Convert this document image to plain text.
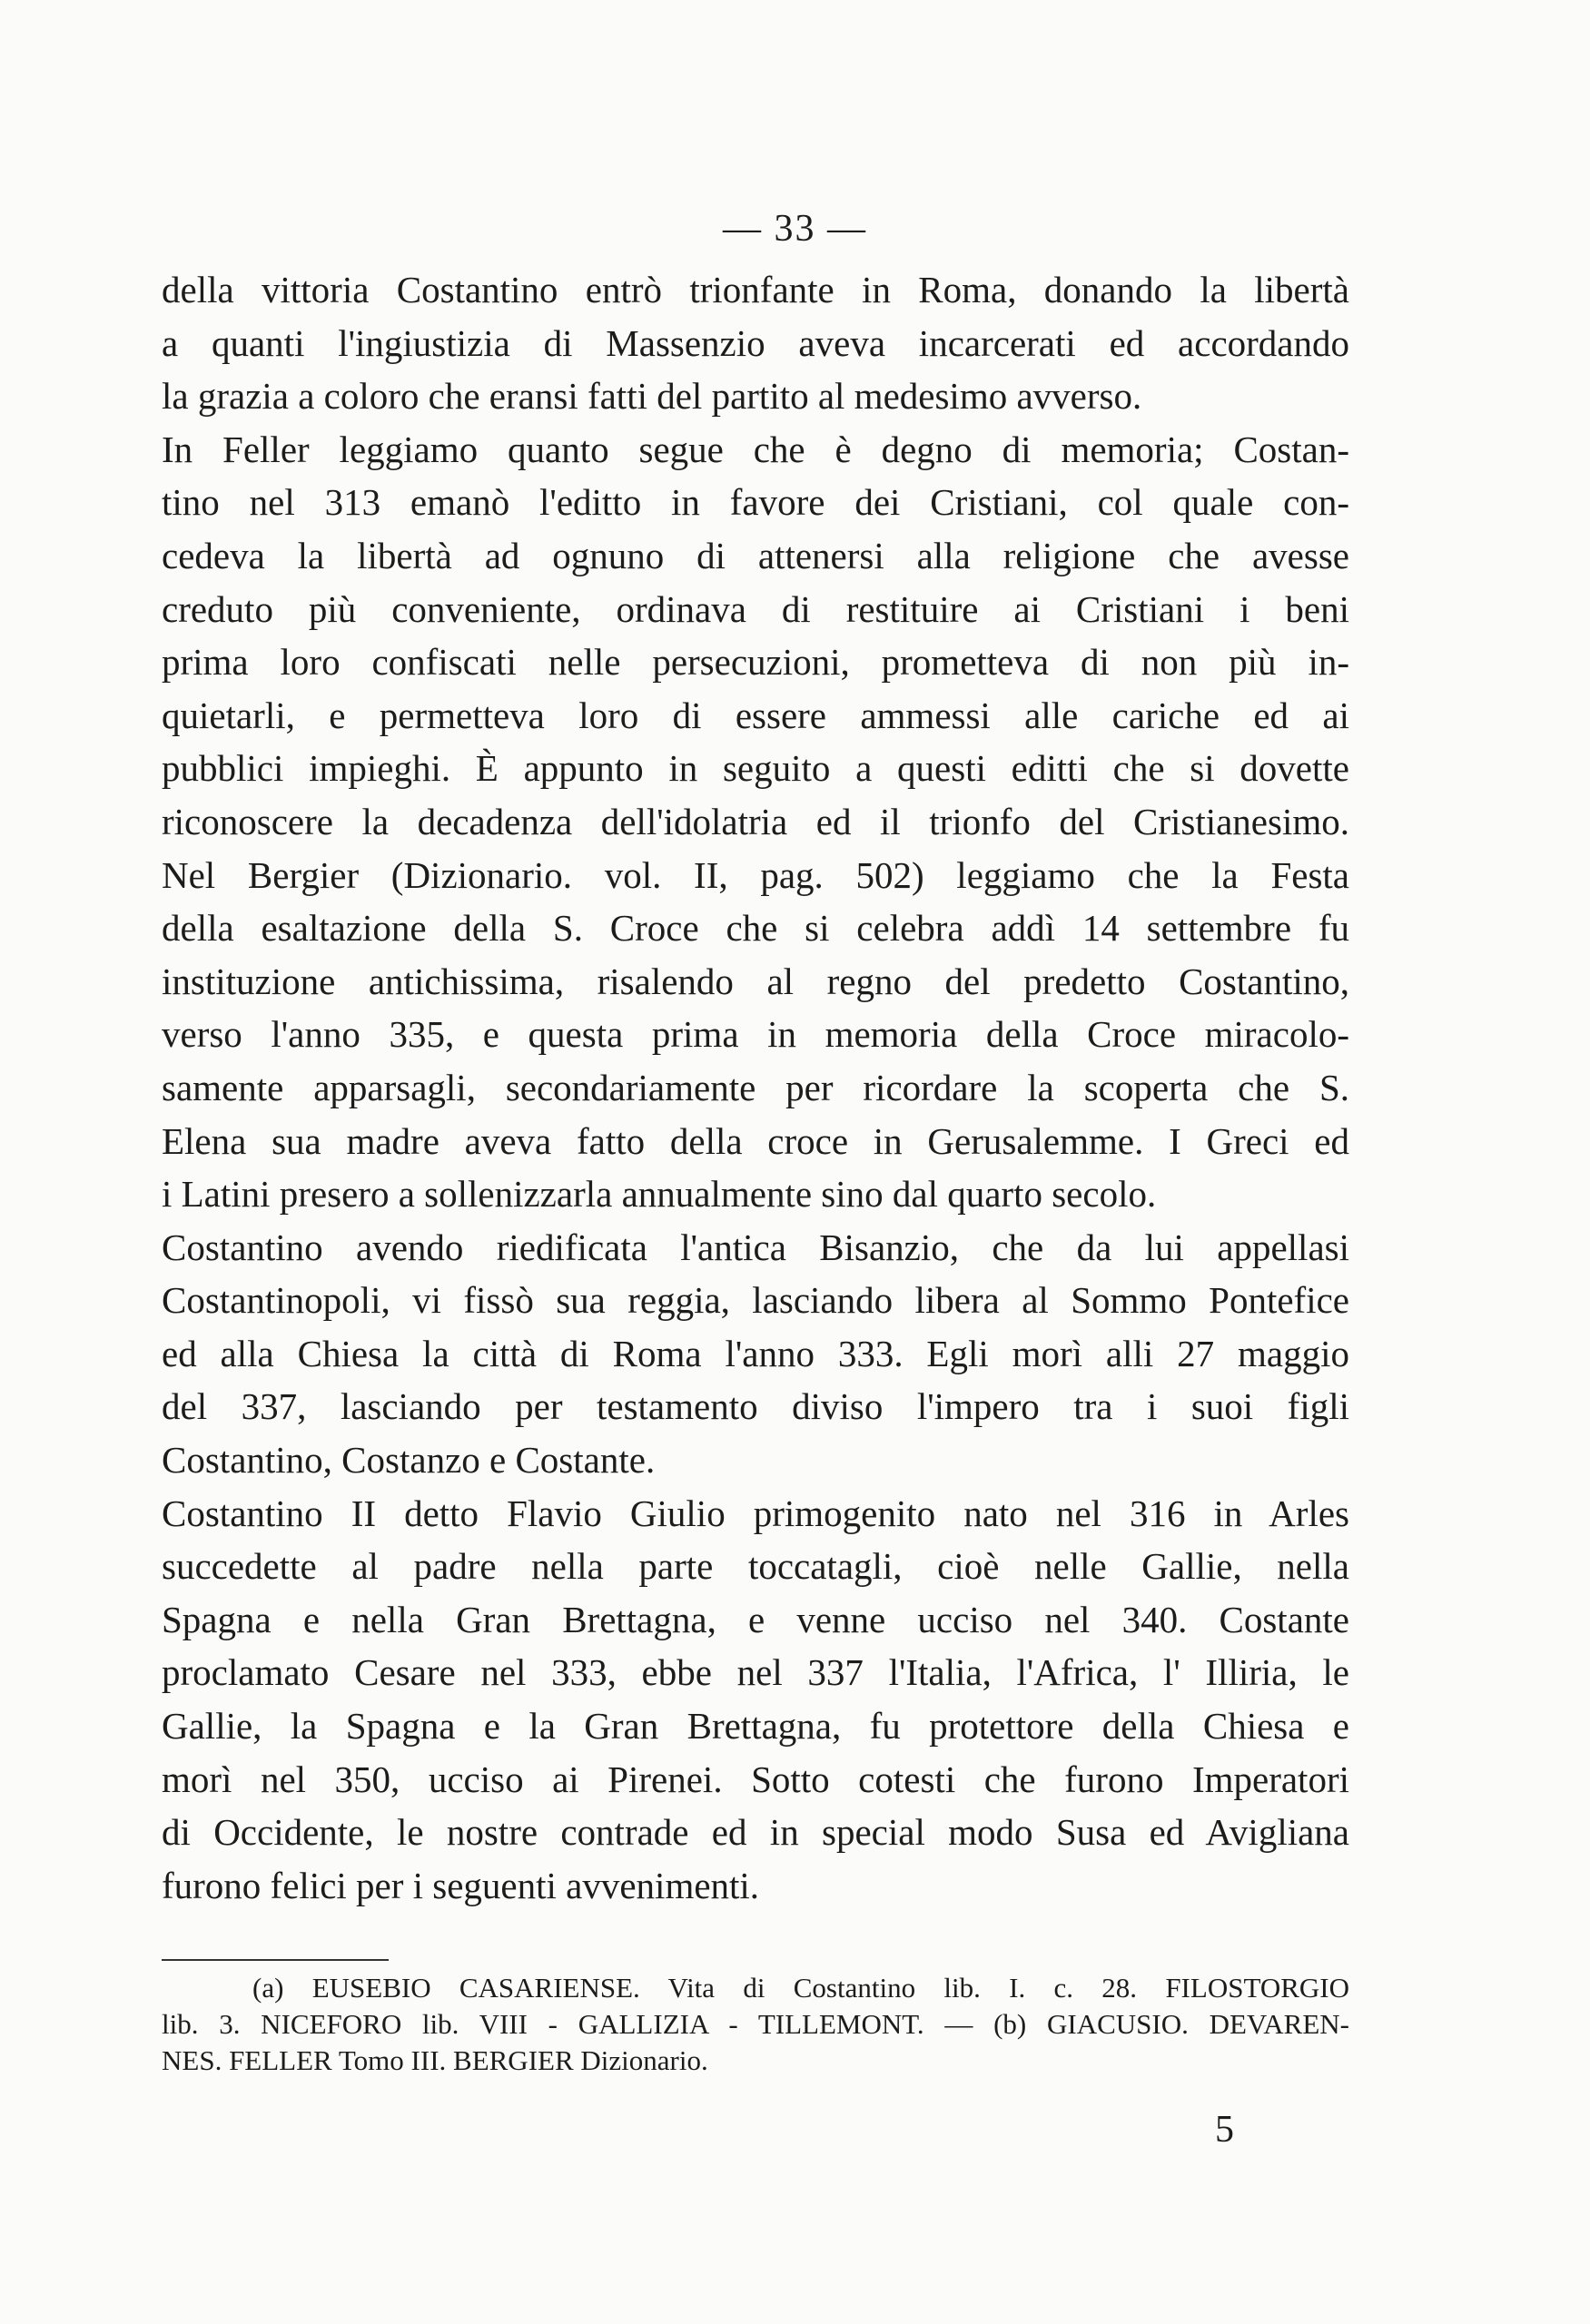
— 33 —
della vittoria Costantino entrò trionfante in Roma, donando la libertà
a quanti l'ingiustizia di Massenzio aveva incarcerati ed accordando
la grazia a coloro che eransi fatti del partito al medesimo avverso.
In Feller leggiamo quanto segue che è degno di memoria; Costan-
tino nel 313 emanò l'editto in favore dei Cristiani, col quale con-
cedeva la libertà ad ognuno di attenersi alla religione che avesse
creduto più conveniente, ordinava di restituire ai Cristiani i beni
prima loro confiscati nelle persecuzioni, prometteva di non più in-
quietarli, e permetteva loro di essere ammessi alle cariche ed ai
pubblici impieghi. È appunto in seguito a questi editti che si dovette
riconoscere la decadenza dell'idolatria ed il trionfo del Cristianesimo.
Nel Bergier (Dizionario. vol. II, pag. 502) leggiamo che la Festa
della esaltazione della S. Croce che si celebra addì 14 settembre fu
instituzione antichissima, risalendo al regno del predetto Costantino,
verso l'anno 335, e questa prima in memoria della Croce miracolo-
samente apparsagli, secondariamente per ricordare la scoperta che S.
Elena sua madre aveva fatto della croce in Gerusalemme. I Greci ed
i Latini presero a sollenizzarla annualmente sino dal quarto secolo.
Costantino avendo riedificata l'antica Bisanzio, che da lui appellasi
Costantinopoli, vi fissò sua reggia, lasciando libera al Sommo Pontefice
ed alla Chiesa la città di Roma l'anno 333. Egli morì alli 27 maggio
del 337, lasciando per testamento diviso l'impero tra i suoi figli
Costantino, Costanzo e Costante.
Costantino II detto Flavio Giulio primogenito nato nel 316 in Arles
succedette al padre nella parte toccatagli, cioè nelle Gallie, nella
Spagna e nella Gran Brettagna, e venne ucciso nel 340. Costante
proclamato Cesare nel 333, ebbe nel 337 l'Italia, l'Africa, l' Illiria, le
Gallie, la Spagna e la Gran Brettagna, fu protettore della Chiesa e
morì nel 350, ucciso ai Pirenei. Sotto cotesti che furono Imperatori
di Occidente, le nostre contrade ed in special modo Susa ed Avigliana
furono felici per i seguenti avvenimenti.
(a) EUSEBIO CASARIENSE. Vita di Costantino lib. I. c. 28. FILOSTORGIO
lib. 3. NICEFORO lib. VIII - GALLIZIA - TILLEMONT. — (b) GIACUSIO. DEVAREN-
NES. FELLER Tomo III. BERGIER Dizionario.
5
